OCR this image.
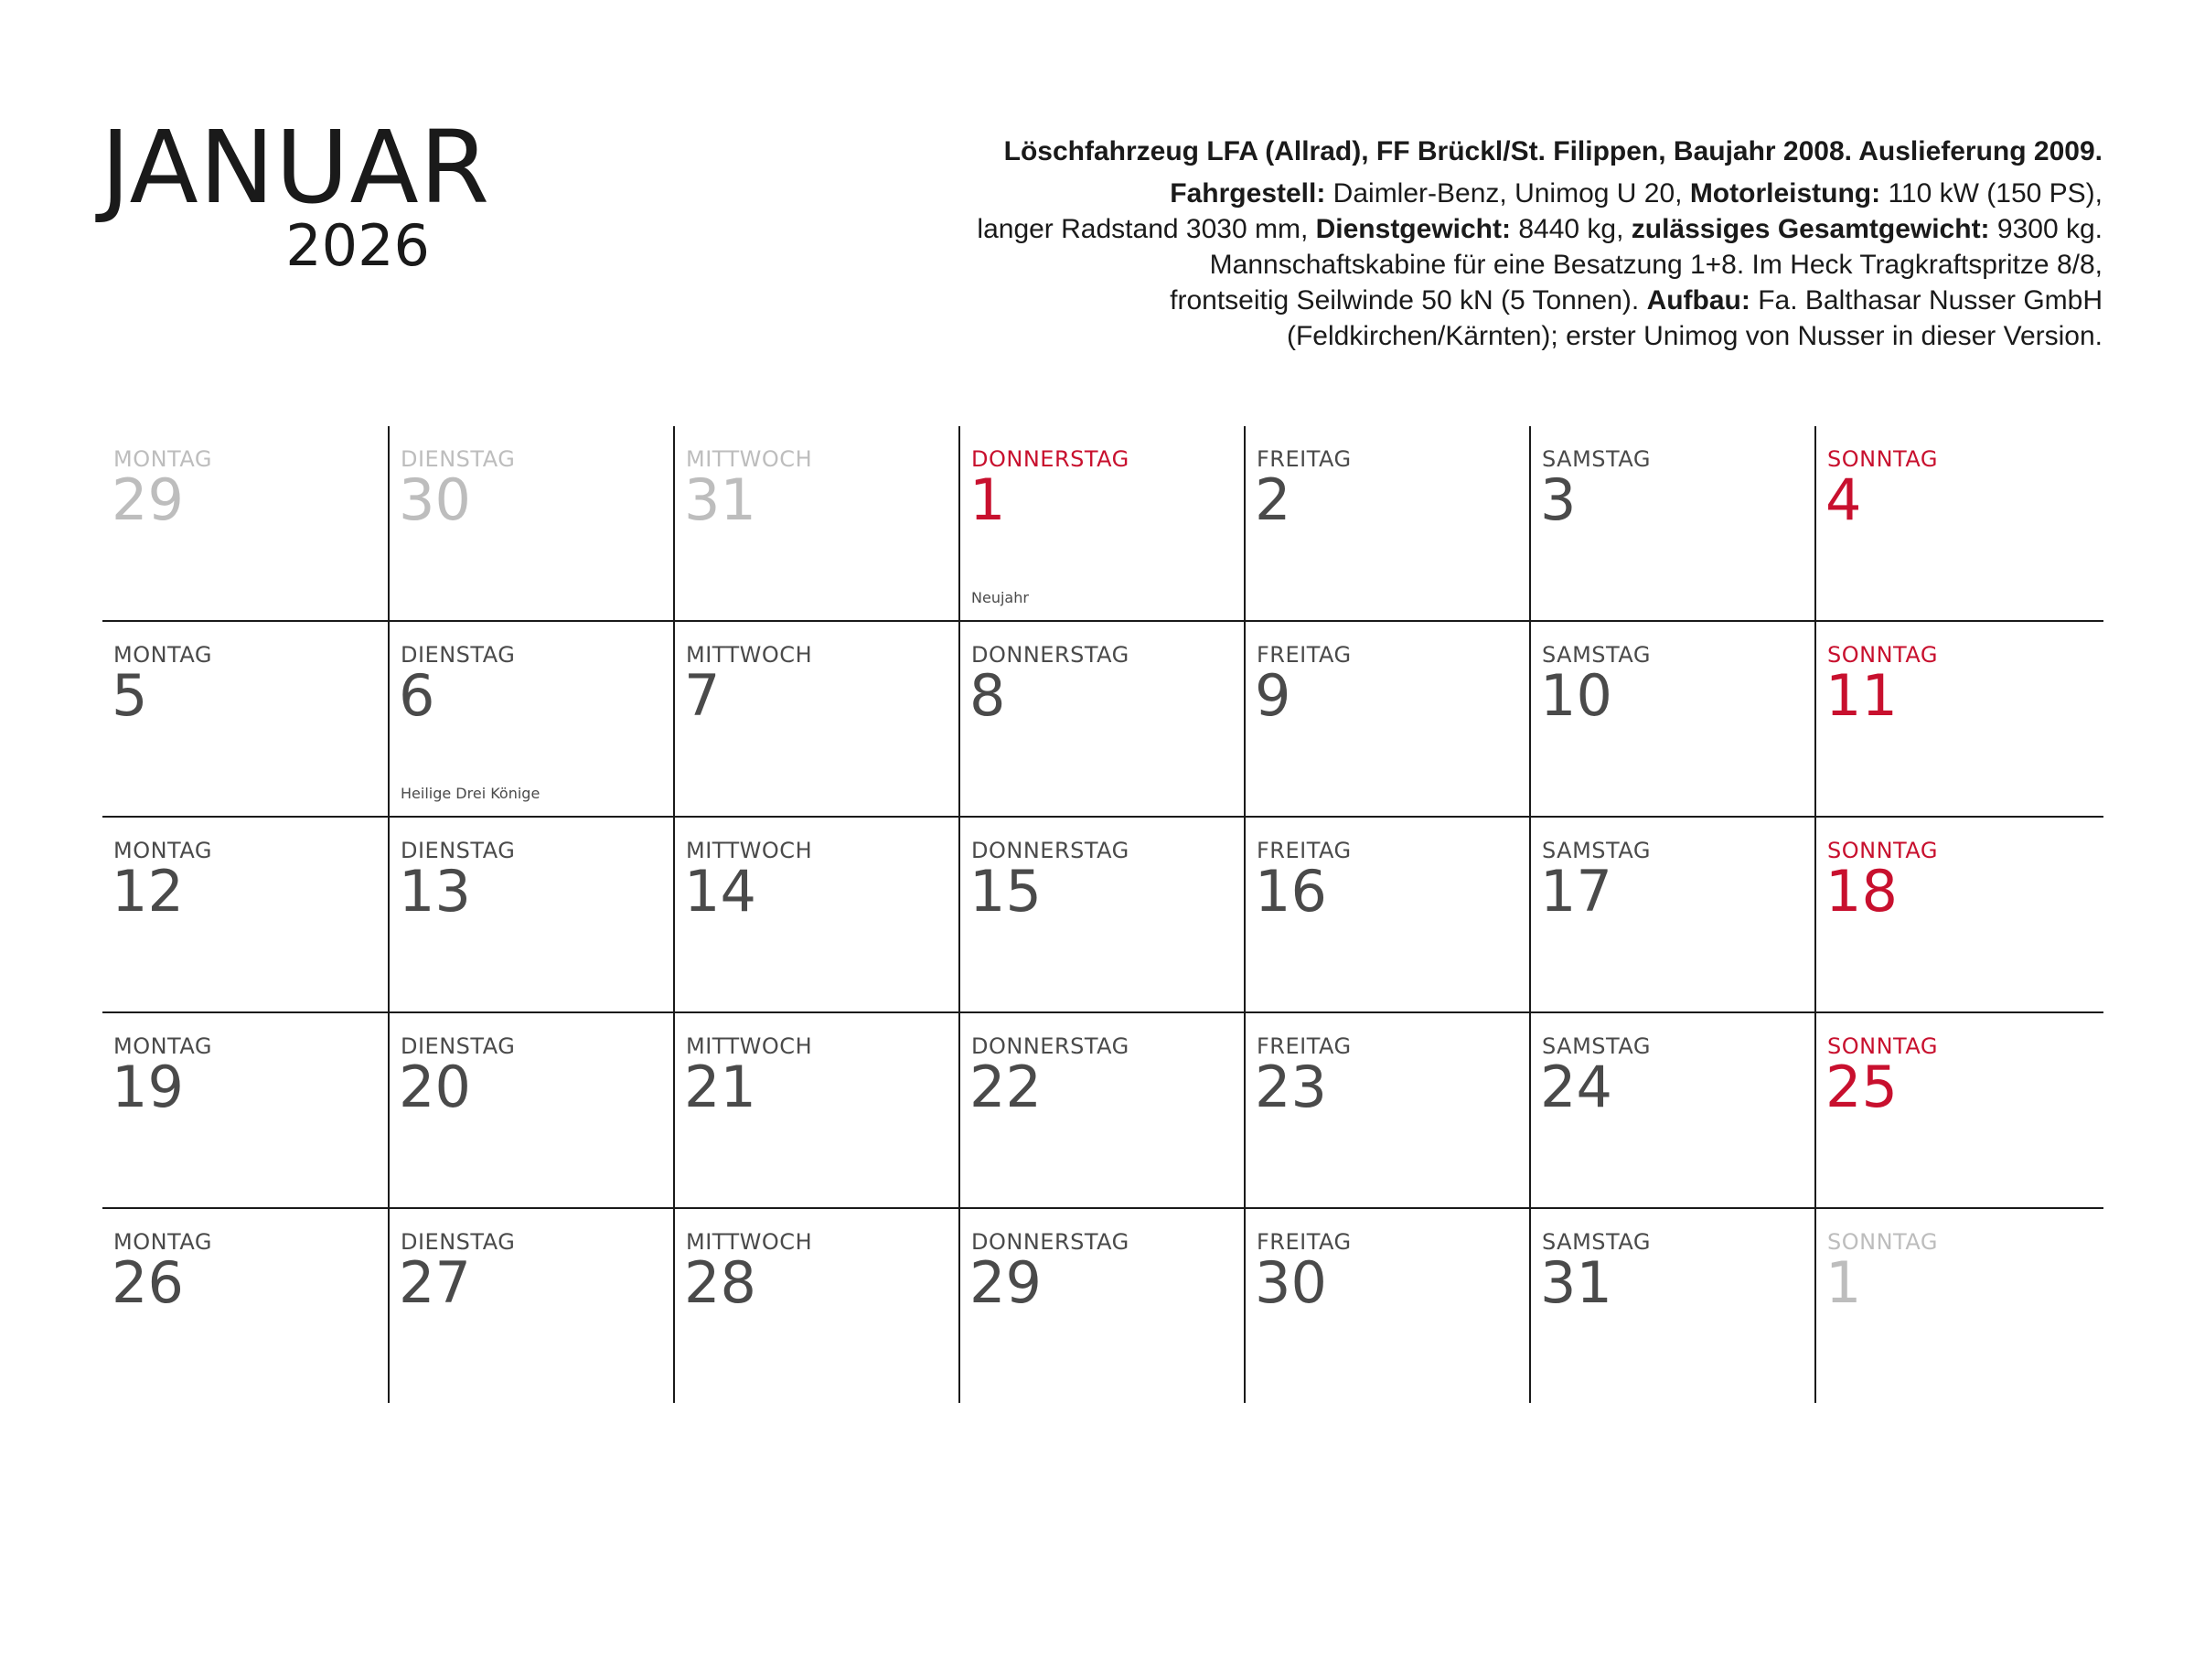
JANUAR
2026
Löschfahrzeug LFA (Allrad), FF Brückl/St. Filippen, Baujahr 2008. Auslieferung 2009.
Fahrgestell: Daimler-Benz, Unimog U 20, Motorleistung: 110 kW (150 PS),
langer Radstand 3030 mm, Dienstgewicht: 8440 kg, zulässiges Gesamtgewicht: 9300 kg.
Mannschaftskabine für eine Besatzung 1+8. Im Heck Tragkraftspritze 8/8,
frontseitig Seilwinde 50 kN (5 Tonnen). Aufbau: Fa. Balthasar Nusser GmbH
(Feldkirchen/Kärnten); erster Unimog von Nusser in dieser Version.
MONTAG
29
DIENSTAG
30
MITTWOCH
31
DONNERSTAG
1
Neujahr
FREITAG
2
SAMSTAG
3
SONNTAG
4
MONTAG
5
DIENSTAG
6
Heilige Drei Könige
MITTWOCH
7
DONNERSTAG
8
FREITAG
9
SAMSTAG
10
SONNTAG
11
MONTAG
12
DIENSTAG
13
MITTWOCH
14
DONNERSTAG
15
FREITAG
16
SAMSTAG
17
SONNTAG
18
MONTAG
19
DIENSTAG
20
MITTWOCH
21
DONNERSTAG
22
FREITAG
23
SAMSTAG
24
SONNTAG
25
MONTAG
26
DIENSTAG
27
MITTWOCH
28
DONNERSTAG
29
FREITAG
30
SAMSTAG
31
SONNTAG
1
